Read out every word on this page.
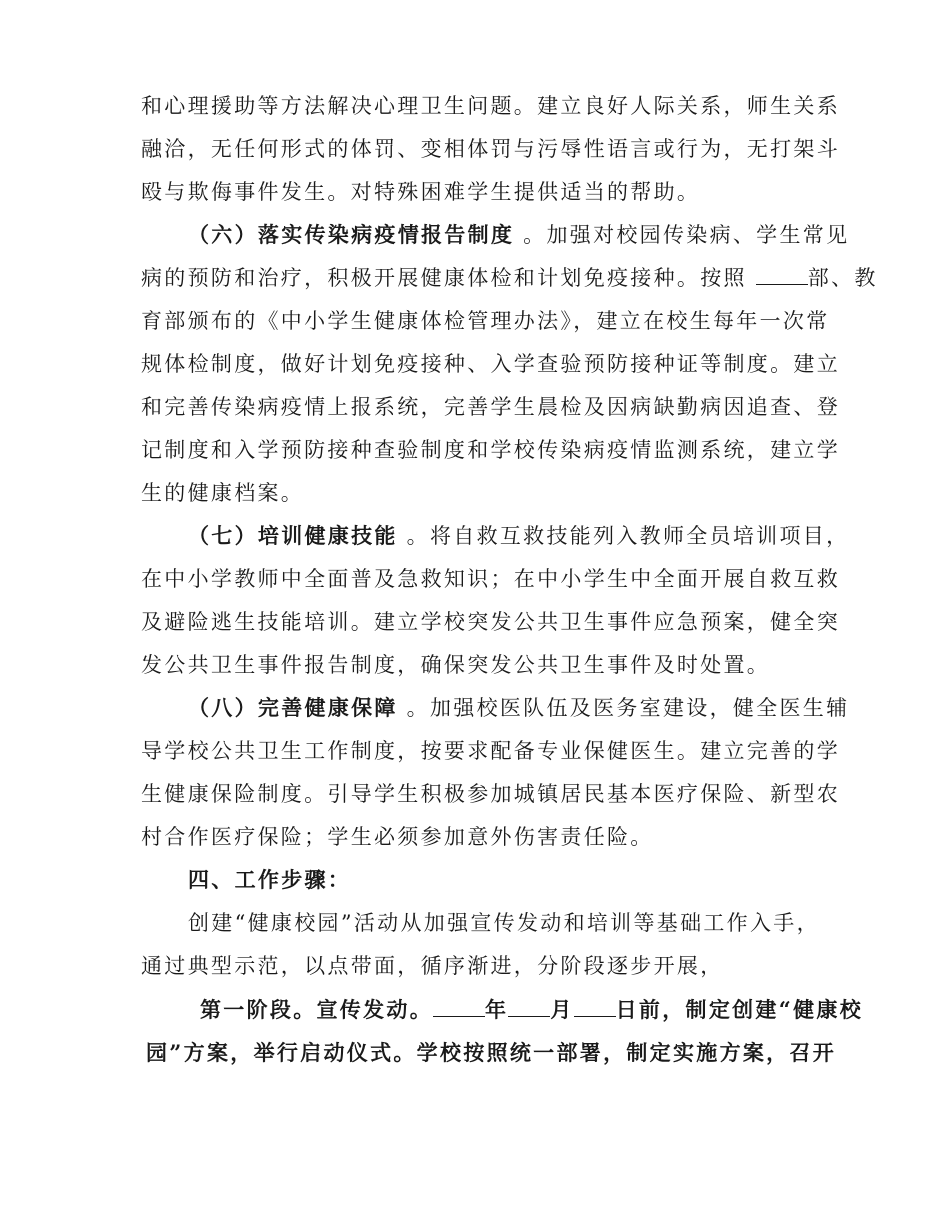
和心理援助等方法解决心理卫生问题。建立良好人际关系，师生关系
融洽，无任何形式的体罚、变相体罚与污辱性语言或行为，无打架斗
殴与欺侮事件发生。对特殊困难学生提供适当的帮助。
（六）落实传染病疫情报告制度 。加强对校园传染病、学生常见
病的预防和治疗，积极开展健康体检和计划免疫接种。按照 部、教
育部颁布的《中小学生健康体检管理办法》，建立在校生每年一次常
规体检制度，做好计划免疫接种、入学查验预防接种证等制度。建立
和完善传染病疫情上报系统，完善学生晨检及因病缺勤病因追查、登
记制度和入学预防接种查验制度和学校传染病疫情监测系统，建立学
生的健康档案。
（七）培训健康技能 。将自救互救技能列入教师全员培训项目，
在中小学教师中全面普及急救知识；在中小学生中全面开展自救互救
及避险逃生技能培训。建立学校突发公共卫生事件应急预案，健全突
发公共卫生事件报告制度，确保突发公共卫生事件及时处置。
（八）完善健康保障 。加强校医队伍及医务室建设，健全医生辅
导学校公共卫生工作制度，按要求配备专业保健医生。建立完善的学
生健康保险制度。引导学生积极参加城镇居民基本医疗保险、新型农
村合作医疗保险；学生必须参加意外伤害责任险。
四、工作步骤：
创建“健康校园”活动从加强宣传发动和培训等基础工作入手，
通过典型示范，以点带面，循序渐进，分阶段逐步开展，
第一阶段。宣传发动。 年 月 日前，制定创建“健康校
园”方案，举行启动仪式。学校按照统一部署，制定实施方案，召开
